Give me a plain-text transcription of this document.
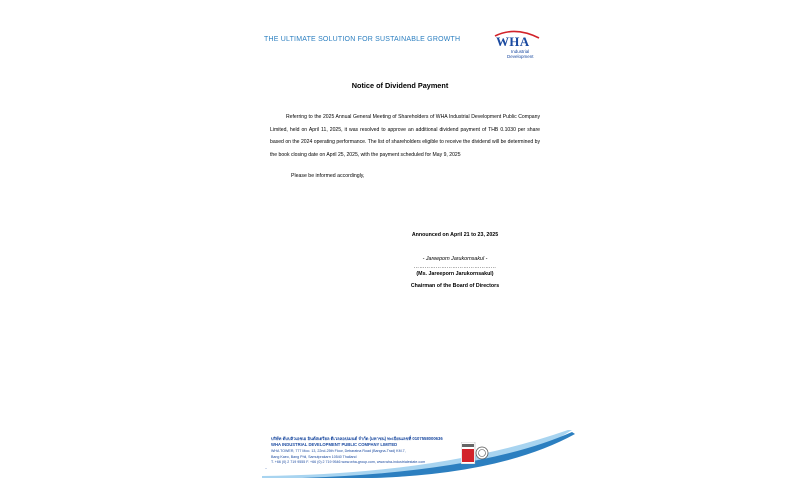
THE ULTIMATE SOLUTION FOR SUSTAINABLE GROWTH	WHA
Industrial
Development
Notice of Dividend Payment
Referring to the 2025 Annual General Meeting of Shareholders of WHA Industrial Development Public Company Limited, held on April 11, 2025, it was resolved to approve an additional dividend payment of THB 0.1030 per share based on the 2024 operating performance. The list of shareholders eligible to receive the dividend will be determined by the book closing date on April 25, 2025, with the payment scheduled for May 9, 2025
Please be informed accordingly,
Announced on April 21 to 23, 2025
- Jareeporn Jarukornsakul -
………………………………………
(Ms. Jareeporn Jarukornsakul)
Chairman of the Board of Directors
บริษัท ดับบลิวเอชเอ อินดัสเตรียล ดีเวลลอปเมนต์ จำกัด (มหาชน) ทะเบียนเลขที่ 0107558000636
WHA INDUSTRIAL DEVELOPMENT PUBLIC COMPANY LIMITED
WHA TOWER, 777 Moo. 13, 22nd-25th Floor, Debaratna Road (Bangna-Trad) KM.7,
Bang Kaeo, Bang Phli, Samutprakarn 10540 Thailand
T. +66 (0) 2 719 9555 F. +66 (0) 2 719 9546 www.wha-group.com, www.wha-industrialestate.com
